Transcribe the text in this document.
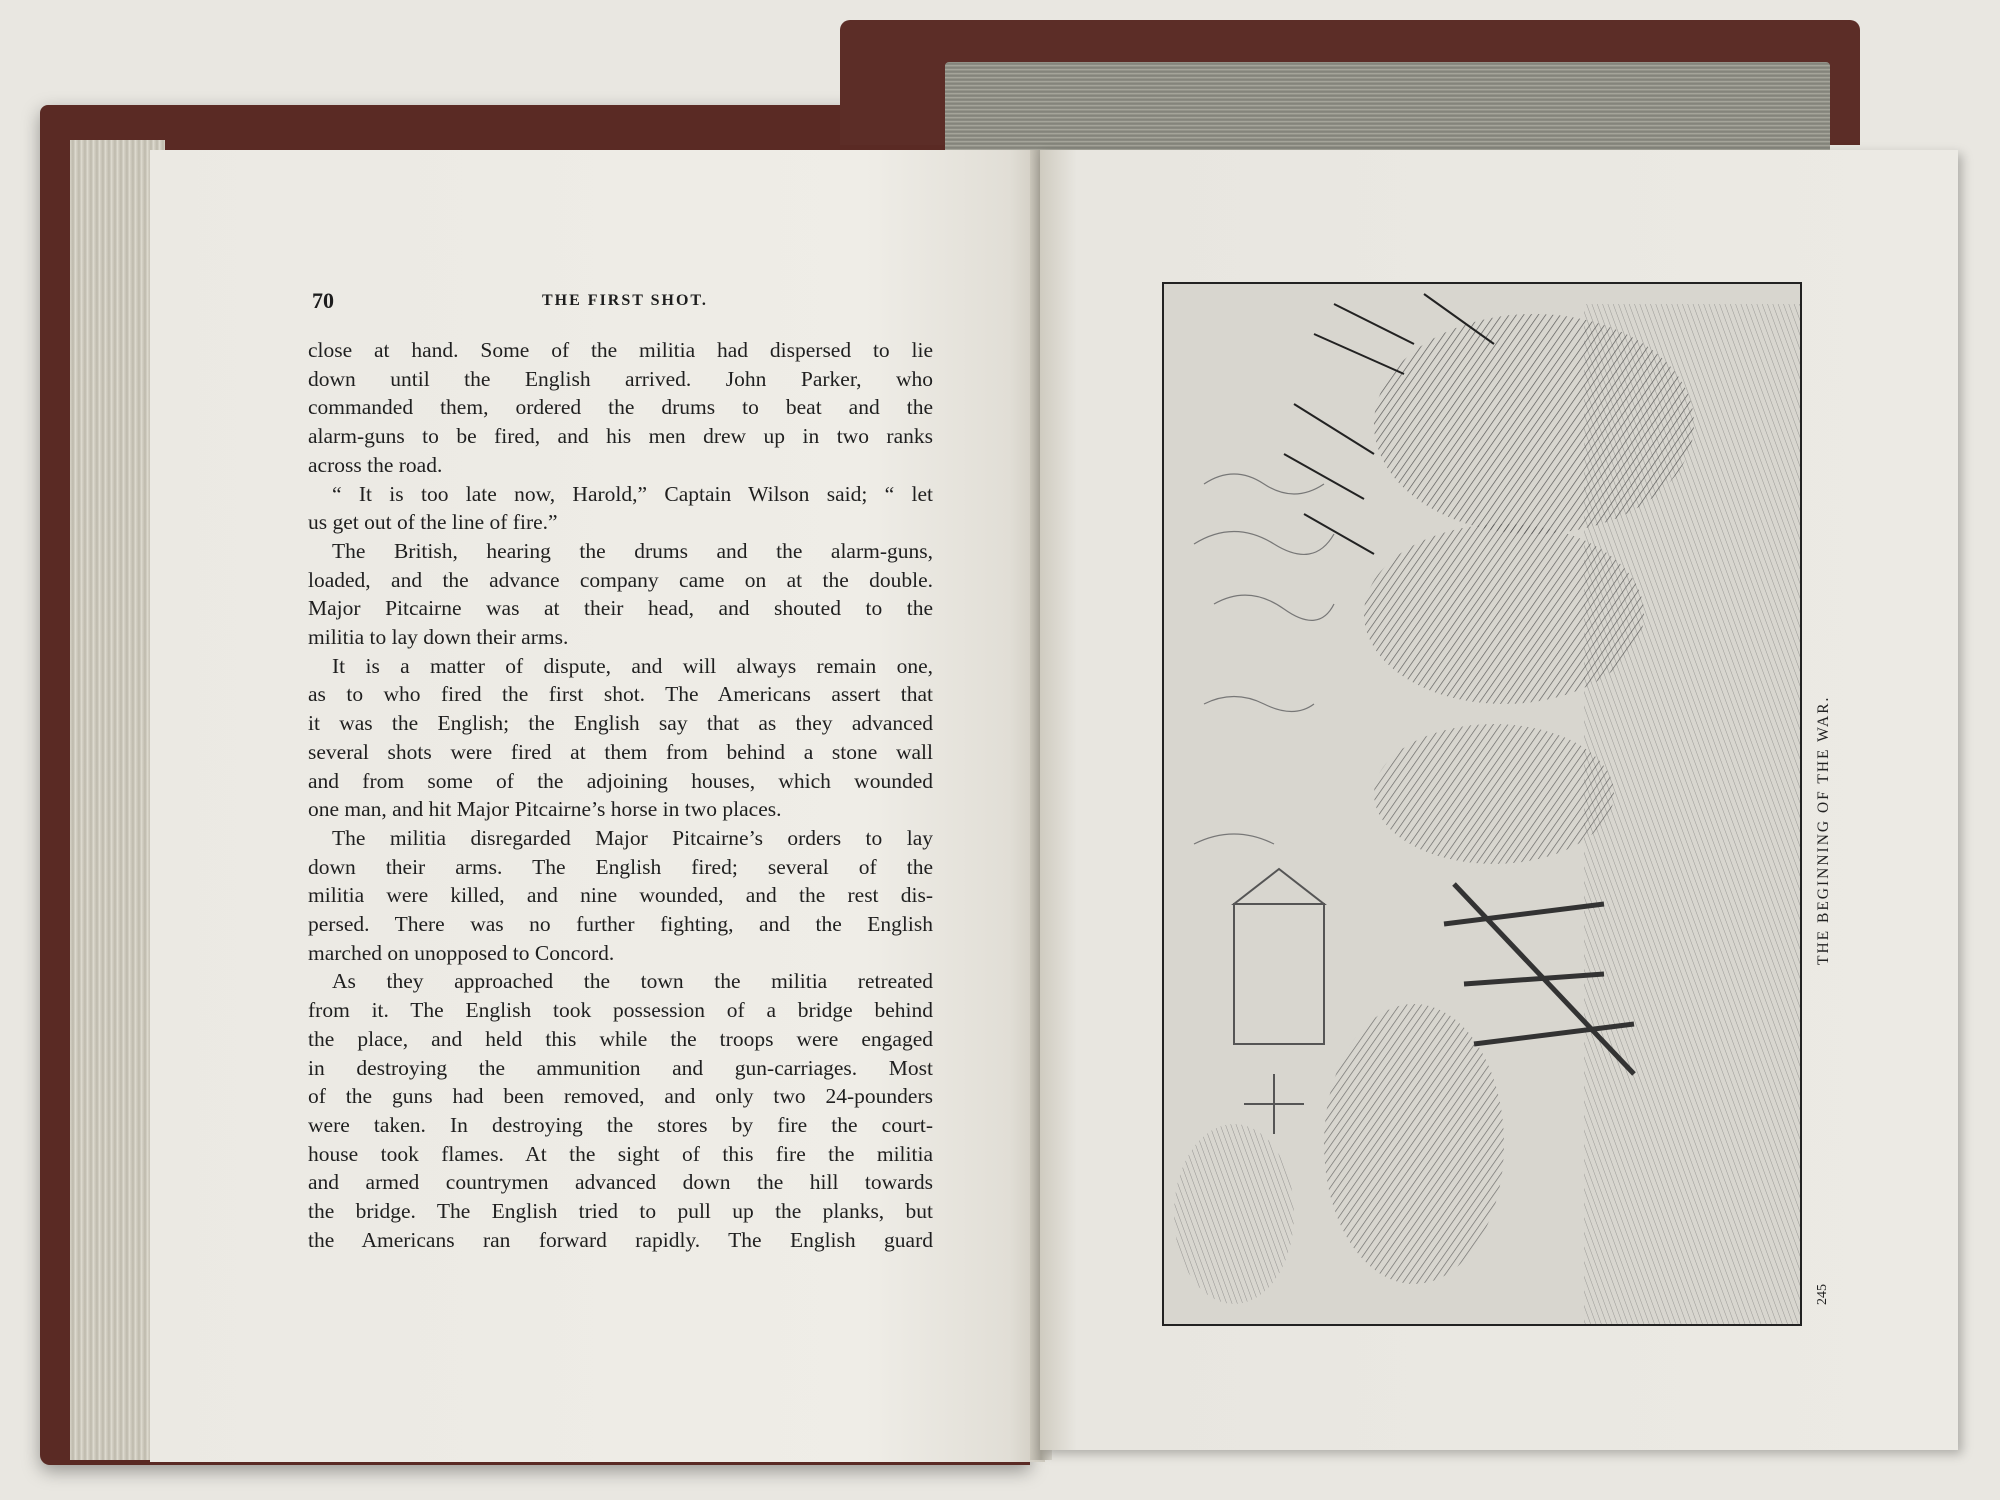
70	THE FIRST SHOT.
close at hand. Some of the militia had dispersed to lie
down until the English arrived. John Parker, who
commanded them, ordered the drums to beat and the
alarm-guns to be fired, and his men drew up in two ranks
across the road.
“ It is too late now, Harold,” Captain Wilson said; “ let
us get out of the line of fire.”
The British, hearing the drums and the alarm-guns,
loaded, and the advance company came on at the double.
Major Pitcairne was at their head, and shouted to the
militia to lay down their arms.
It is a matter of dispute, and will always remain one,
as to who fired the first shot. The Americans assert that
it was the English; the English say that as they advanced
several shots were fired at them from behind a stone wall
and from some of the adjoining houses, which wounded
one man, and hit Major Pitcairne’s horse in two places.
The militia disregarded Major Pitcairne’s orders to lay
down their arms. The English fired; several of the
militia were killed, and nine wounded, and the rest dis-
persed. There was no further fighting, and the English
marched on unopposed to Concord.
As they approached the town the militia retreated
from it. The English took possession of a bridge behind
the place, and held this while the troops were engaged
in destroying the ammunition and gun-carriages. Most
of the guns had been removed, and only two 24-pounders
were taken. In destroying the stores by fire the court-
house took flames. At the sight of this fire the militia
and armed countrymen advanced down the hill towards
the bridge. The English tried to pull up the planks, but
the Americans ran forward rapidly. The English guard
THE BEGINNING OF THE WAR.
245
